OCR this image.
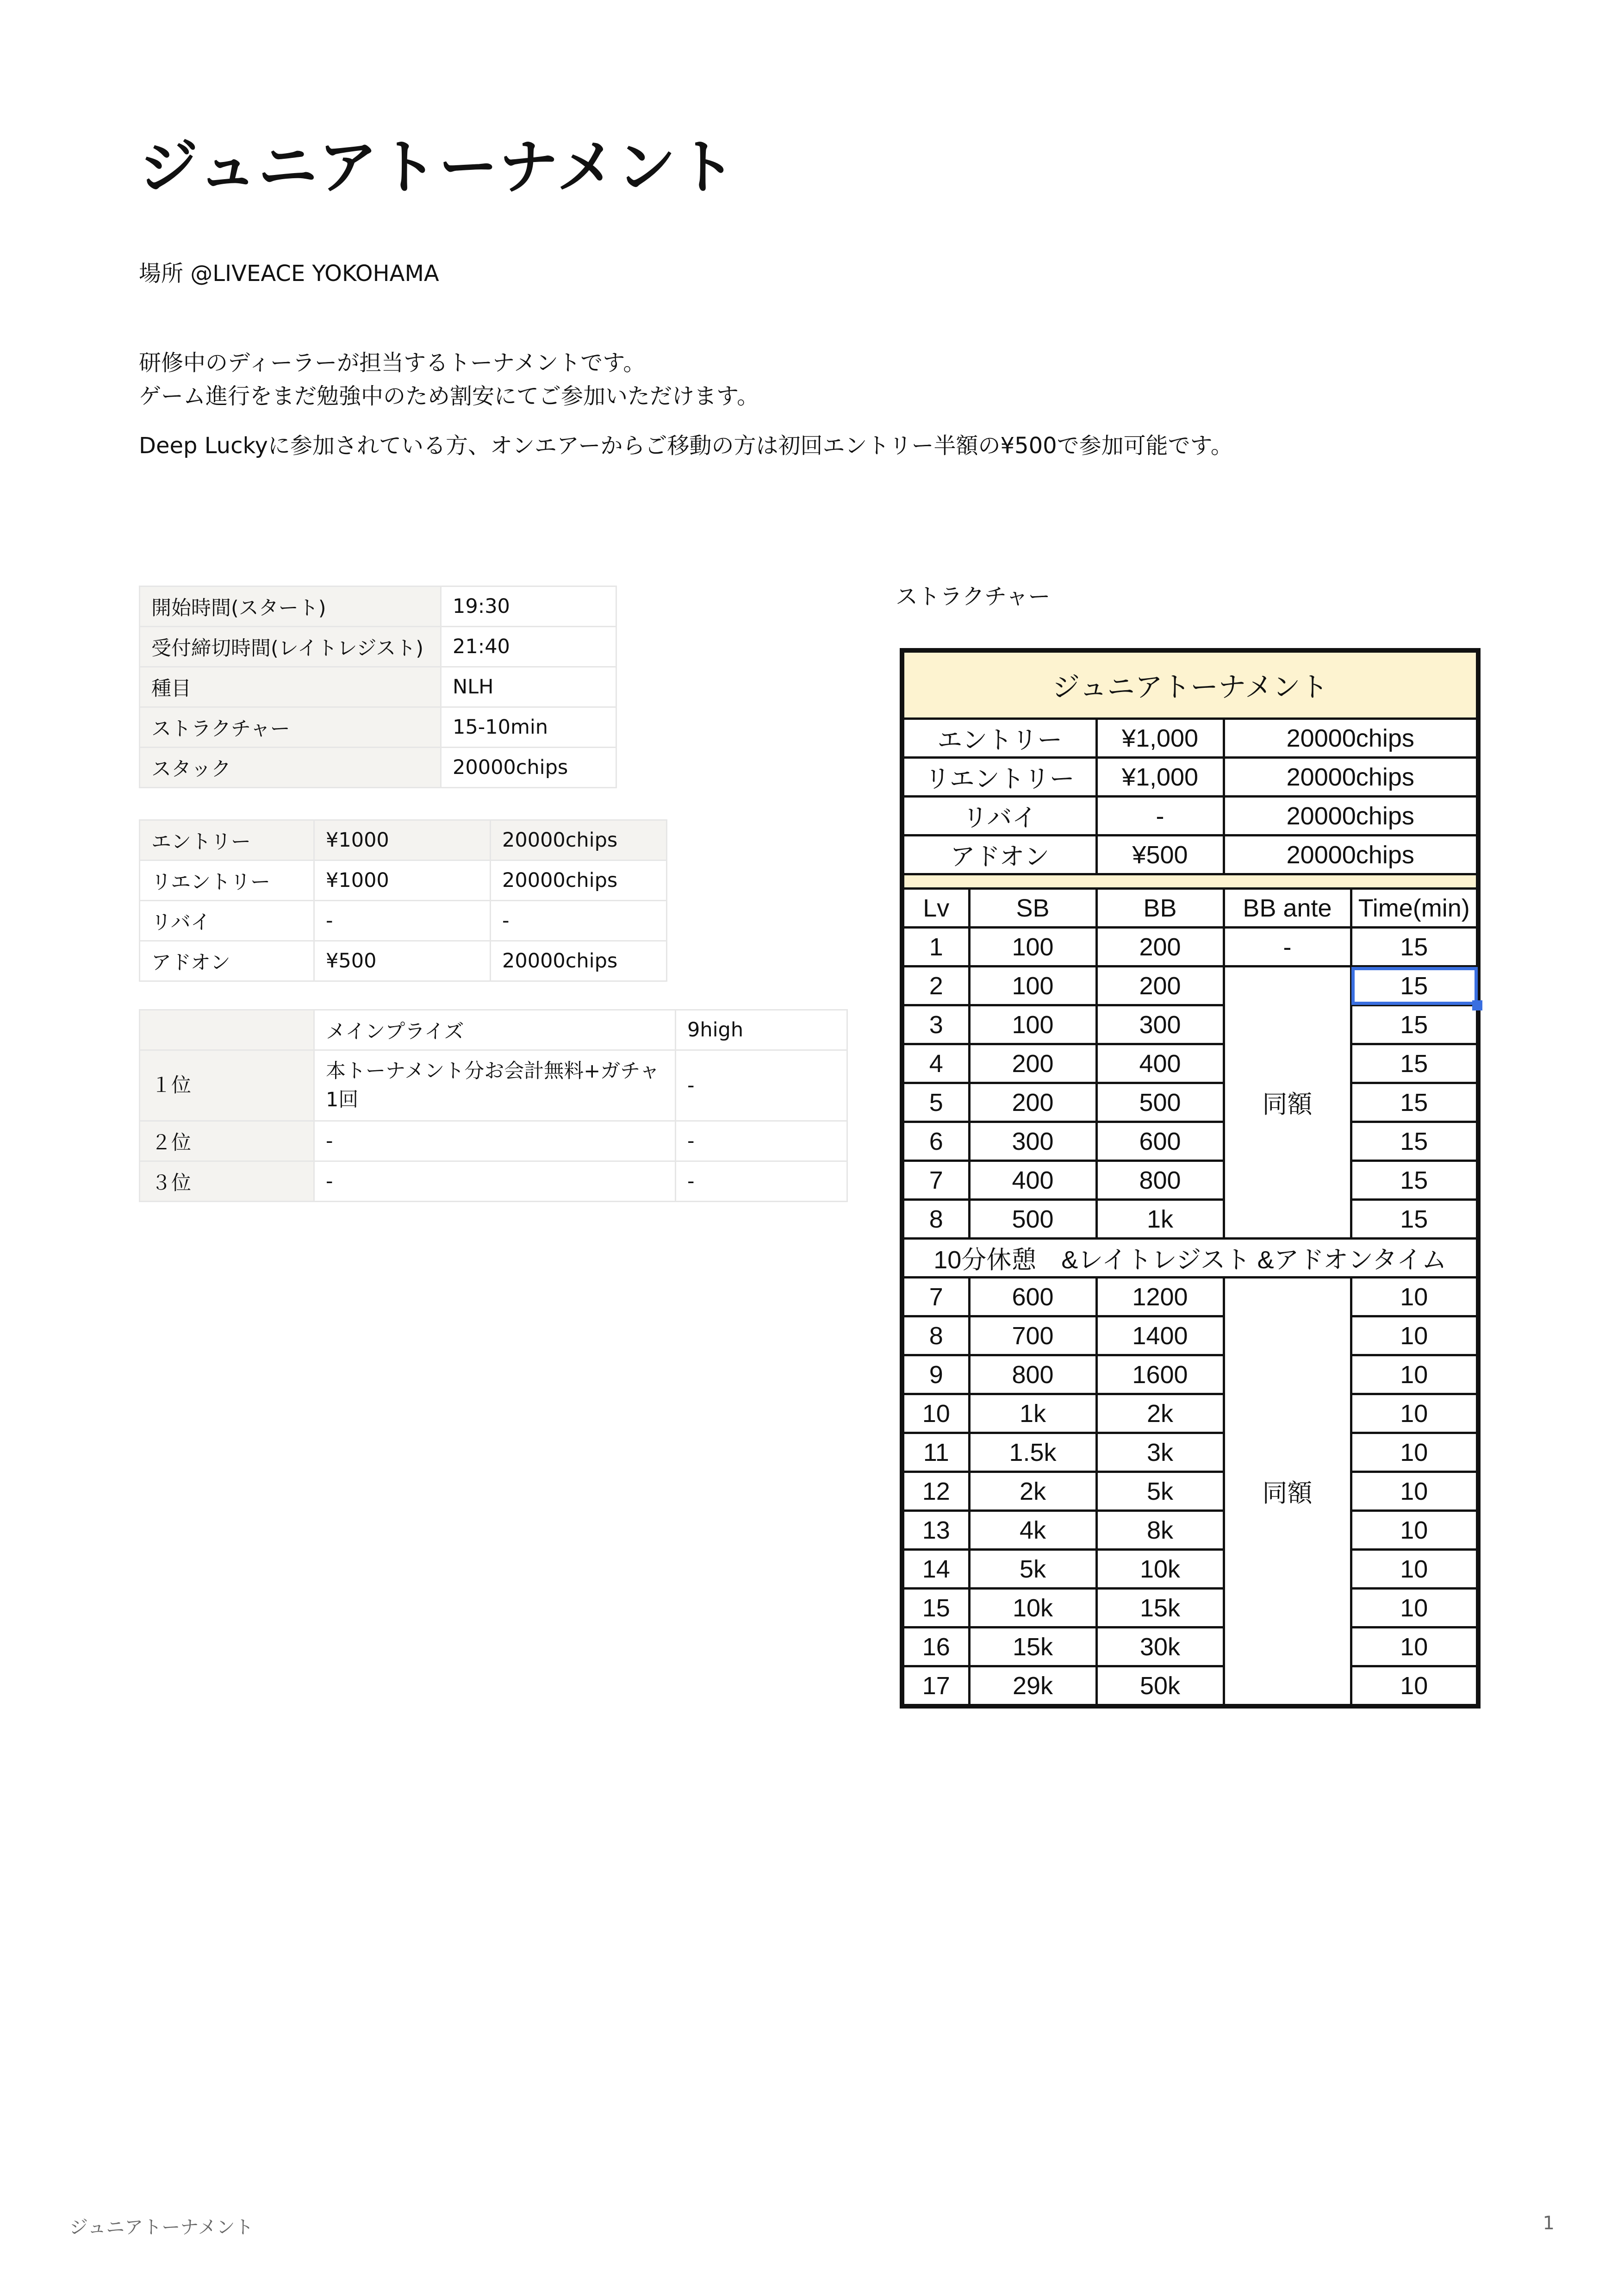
ジュニアトーナメント
場所 @LIVEACE YOKOHAMA
研修中のディーラーが担当するトーナメントです。
ゲーム進行をまだ勉強中のため割安にてご参加いただけます。
Deep Luckyに参加されている方、オンエアーからご移動の方は初回エントリー半額の¥500で参加可能です。
開始時間(スタート)	19:30
受付締切時間(レイトレジスト)	21:40
種目	NLH
ストラクチャー	15-10min
スタック	20000chips
エントリー	¥1000	20000chips
リエントリー	¥1000	20000chips
リバイ	-	-
アドオン	¥500	20000chips
	メインプライズ	9high
１位	本トーナメント分お会計無料+ガチャ1回	-
２位	-	-
３位	-	-
ストラクチャー
ジュニアトーナメント				
エントリー		¥1,000	20000chips	
リエントリー		¥1,000	20000chips	
リバイ		-	20000chips	
アドオン		¥500	20000chips	

Lv	SB	BB	BB ante	Time(min)
1	100	200	-	15
2	100	200	同額	15

3	100	300		15
4	200	400		15
5	200	500		15
6	300	600		15
7	400	800		15
8	500	1k		15
10分休憩　&レイトレジスト &アドオンタイム				
7	600	1200	同額	10
8	700	1400		10
9	800	1600		10
10	1k	2k		10
11	1.5k	3k		10
12	2k	5k		10
13	4k	8k		10
14	5k	10k		10
15	10k	15k		10
16	15k	30k		10
17	29k	50k		10
ジュニアトーナメント	1
